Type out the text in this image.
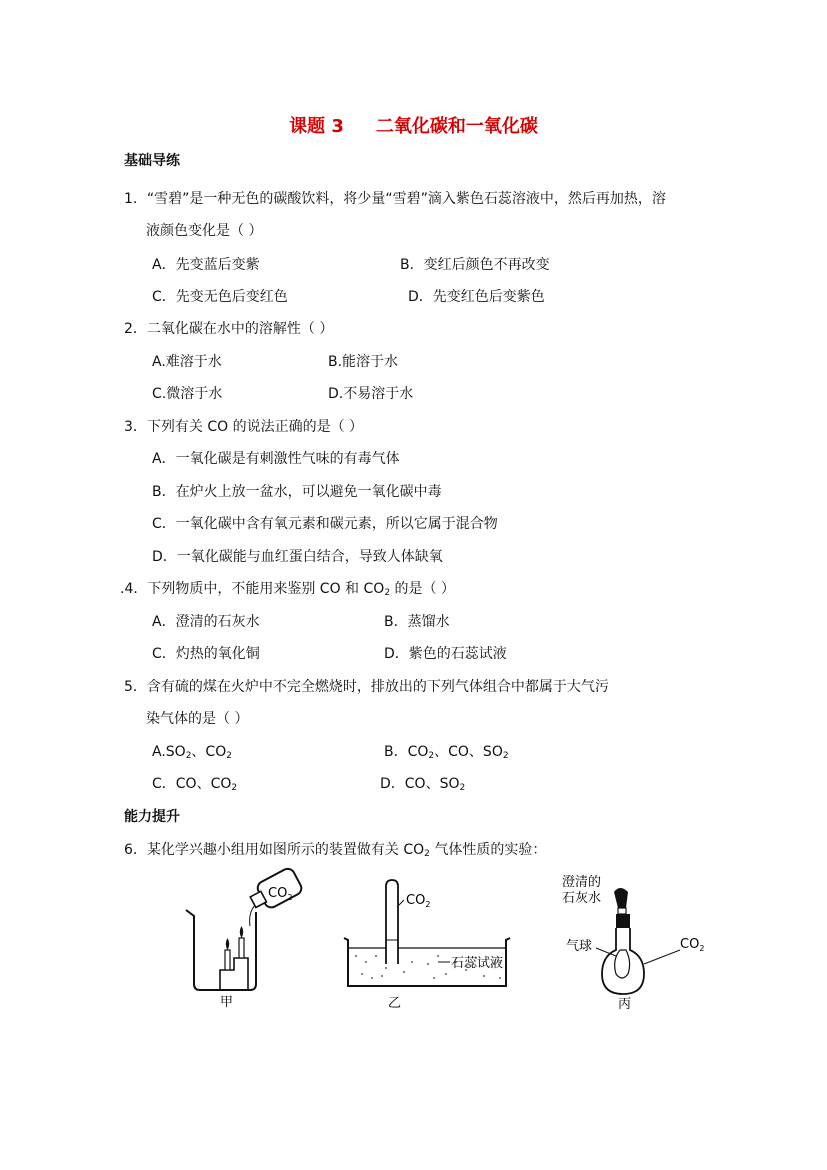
课题 3 二氧化碳和一氧化碳
基础导练
1．“雪碧”是一种无色的碳酸饮料，将少量“雪碧”滴入紫色石蕊溶液中，然后再加热，溶
液颜色变化是（ ）
A．先变蓝后变紫	B．变红后颜色不再改变
C．先变无色后变红色	D．先变红色后变紫色
2．二氧化碳在水中的溶解性（ ）
A.难溶于水	B.能溶于水
C.微溶于水	D.不易溶于水
3．下列有关 CO 的说法正确的是（ ）
A．一氧化碳是有刺激性气味的有毒气体
B．在炉火上放一盆水，可以避免一氧化碳中毒
C．一氧化碳中含有氧元素和碳元素，所以它属于混合物
D．一氧化碳能与血红蛋白结合，导致人体缺氧
.4．下列物质中，不能用来鉴别 CO 和 $CO_2$ 的是（ ）
A．澄清的石灰水	B．蒸馏水
C．灼热的氧化铜	D．紫色的石蕊试液
5．含有硫的煤在火炉中不完全燃烧时，排放出的下列气体组合中都属于大气污
染气体的是（ ）
$A.SO_2$、$CO_2$	B．$CO_2$、CO、$SO_2$
C．CO、$CO_2$	D．CO、$SO_2$
能力提升
6．某化学兴趣小组用如图所示的装置做有关 $CO_2$ 气体性质的实验：
$CO_2$
甲
$CO_2$
石蕊试液
乙
澄清的
石灰水
气球	$CO_2$
丙
